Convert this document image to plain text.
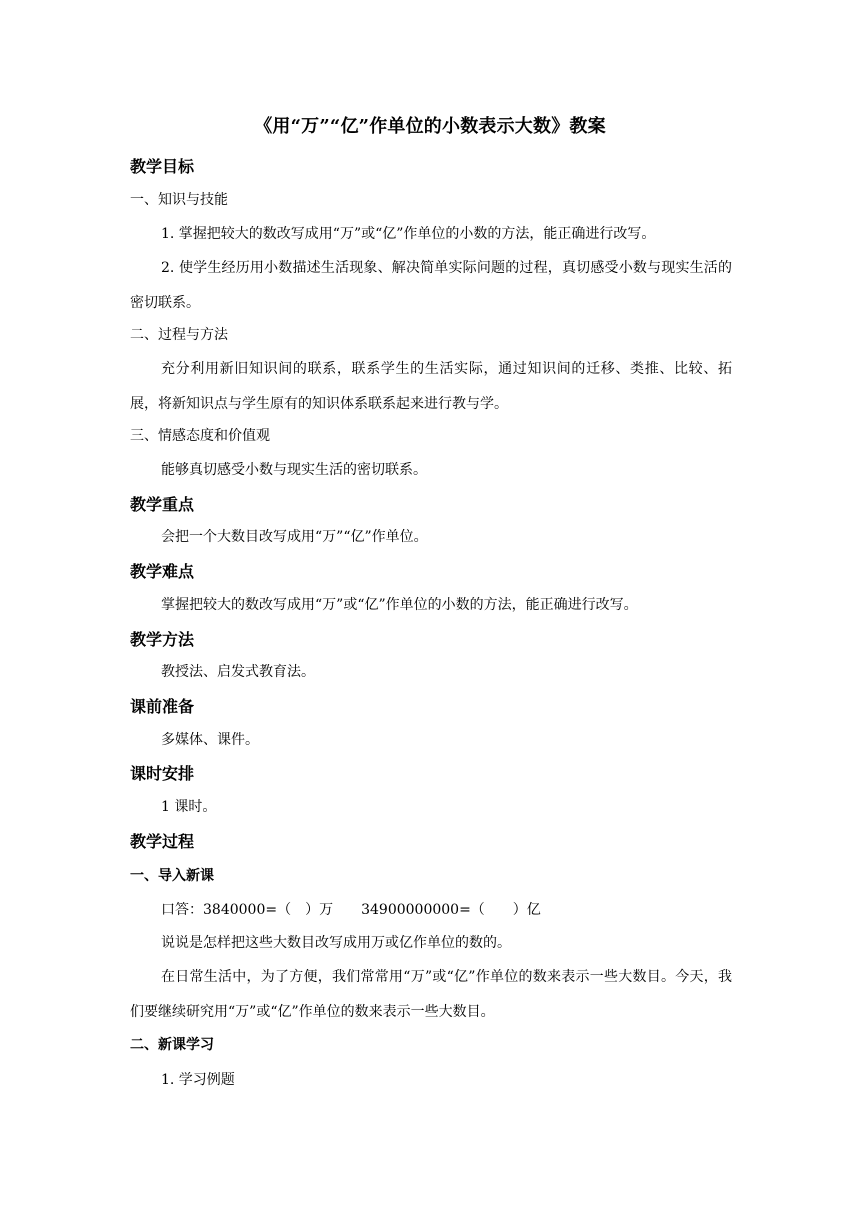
《用“万”“亿”作单位的小数表示大数》教案
教学目标
一、知识与技能
1. 掌握把较大的数改写成用“万”或“亿”作单位的小数的方法，能正确进行改写。
2. 使学生经历用小数描述生活现象、解决简单实际问题的过程，真切感受小数与现实生活的密切联系。
二、过程与方法
充分利用新旧知识间的联系，联系学生的生活实际，通过知识间的迁移、类推、比较、拓展，将新知识点与学生原有的知识体系联系起来进行教与学。
三、情感态度和价值观
能够真切感受小数与现实生活的密切联系。
教学重点
会把一个大数目改写成用“万”“亿”作单位。
教学难点
掌握把较大的数改写成用“万”或“亿”作单位的小数的方法，能正确进行改写。
教学方法
教授法、启发式教育法。
课前准备
多媒体、课件。
课时安排
1 课时。
教学过程
一、导入新课
口答：3840000=（　）万 34900000000=（　　）亿
说说是怎样把这些大数目改写成用万或亿作单位的数的。
在日常生活中，为了方便，我们常常用“万”或“亿”作单位的数来表示一些大数目。今天，我们要继续研究用“万”或“亿”作单位的数来表示一些大数目。
二、新课学习
1. 学习例题
